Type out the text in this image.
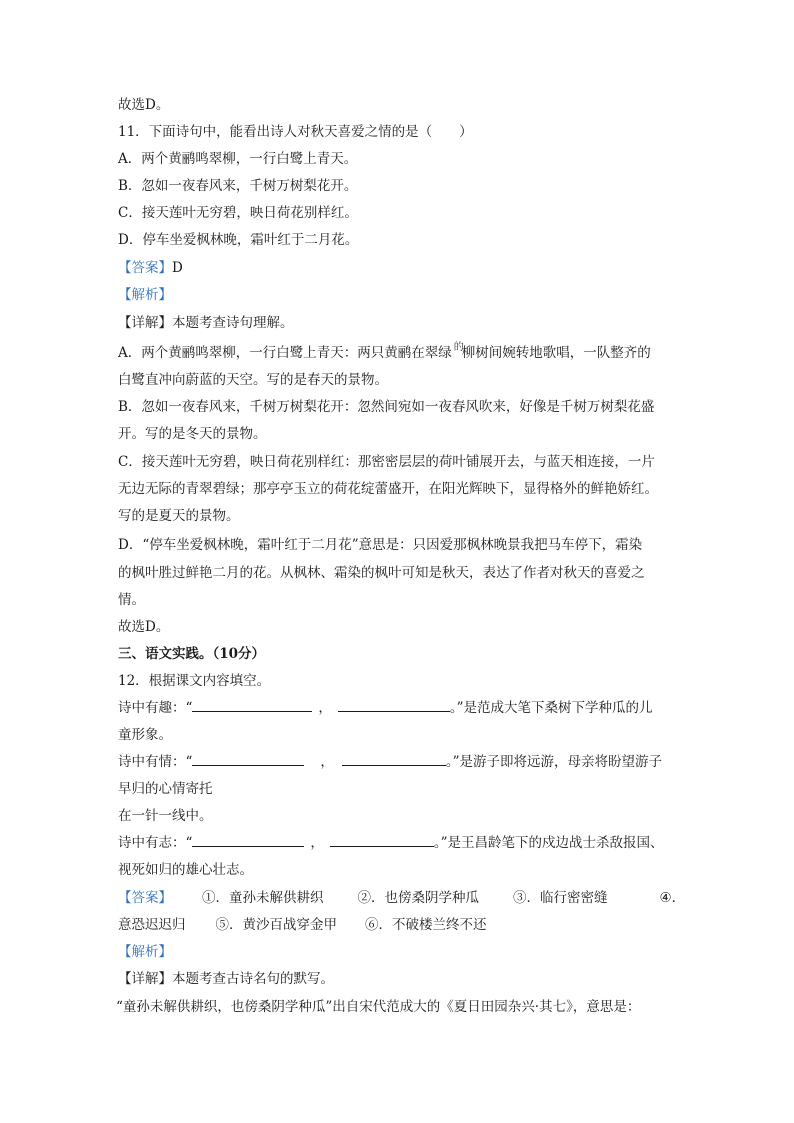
故选D。
11．下面诗句中，能看出诗人对秋天喜爱之情的是（　　）
A．两个黄鹂鸣翠柳，一行白鹭上青天。
B．忽如一夜春风来，千树万树梨花开。
C．接天莲叶无穷碧，映日荷花别样红。
D．停车坐爱枫林晚，霜叶红于二月花。
【答案】D
【解析】
【详解】本题考查诗句理解。
A．两个黄鹂鸣翠柳，一行白鹭上青天：两只黄鹂在翠绿 $^的$柳树间婉转地歌唱，一队整齐的
白鹭直冲向蔚蓝的天空。写的是春天的景物。
B．忽如一夜春风来，千树万树梨花开：忽然间宛如一夜春风吹来，好像是千树万树梨花盛
开。写的是冬天的景物。
C．接天莲叶无穷碧，映日荷花别样红：那密密层层的荷叶铺展开去，与蓝天相连接，一片
无边无际的青翠碧绿；那亭亭玉立的荷花绽蕾盛开，在阳光辉映下，显得格外的鲜艳娇红。
写的是夏天的景物。
D．“停车坐爱枫林晚，霜叶红于二月花”意思是：只因爱那枫林晚景我把马车停下，霜染
的枫叶胜过鲜艳二月的花。从枫林、霜染的枫叶可知是秋天，表达了作者对秋天的喜爱之
情。
故选D。
三、语文实践。（10分）
12．根据课文内容填空。
诗中有趣：“	，	。”是范成大笔下桑树下学种瓜的儿
童形象。
诗中有情：“	，	。”是游子即将远游，母亲将盼望游子
早归的心情寄托
在一针一线中。
诗中有志：“	，	。”是王昌龄笔下的戍边战士杀敌报国、
视死如归的雄心壮志。
【答案】 ①．童孙未解供耕织	②．也傍桑阴学种瓜	③．临行密密缝	④．
意恐迟迟归 ⑤．黄沙百战穿金甲 ⑥．不破楼兰终不还
【解析】
【详解】本题考查古诗名句的默写。
“童孙未解供耕织，也傍桑阴学种瓜”出自宋代范成大的《夏日田园杂兴·其七》，意思是：
